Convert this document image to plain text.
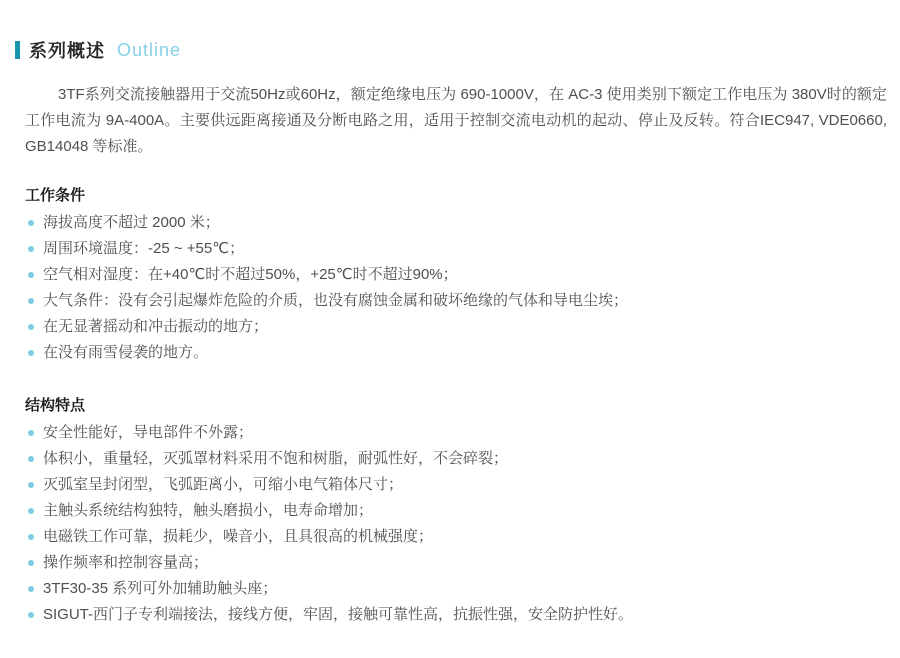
系列概述 Outline

3TF系列交流接触器用于交流50Hz或60Hz，额定绝缘电压为 690-1000V，在 AC-3 使用类别下额定工作电压为 380V时的额定工作电流为 9A-400A。主要供远距离接通及分断电路之用，适用于控制交流电动机的起动、停止及反转。符合IEC947, VDE0660, GB14048 等标准。

工作条件
海拔高度不超过 2000 米；
周围环境温度：-25 ~ +55℃；
空气相对湿度：在+40℃时不超过50%，+25℃时不超过90%；
大气条件：没有会引起爆炸危险的介质，也没有腐蚀金属和破坏绝缘的气体和导电尘埃；
在无显著摇动和冲击振动的地方；
在没有雨雪侵袭的地方。
结构特点
安全性能好，导电部件不外露；
体积小，重量轻，灭弧罩材料采用不饱和树脂，耐弧性好，不会碎裂；
灭弧室呈封闭型，飞弧距离小，可缩小电气箱体尺寸；
主触头系统结构独特，触头磨损小，电寿命增加；
电磁铁工作可靠，损耗少，噪音小，且具很高的机械强度；
操作频率和控制容量高；
3TF30-35 系列可外加辅助触头座；
SIGUT-西门子专利端接法，接线方便，牢固，接触可靠性高，抗振性强，安全防护性好。
